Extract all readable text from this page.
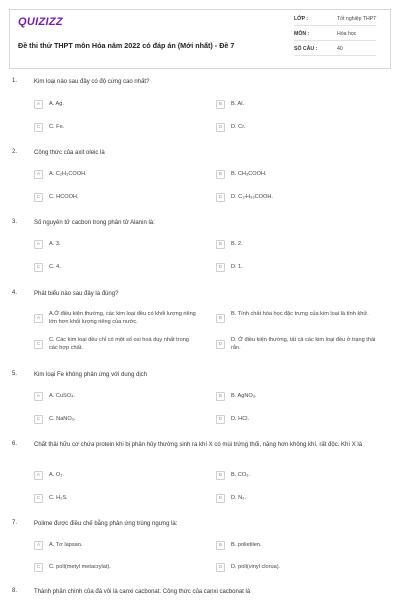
QUIZIZZ
Đề thi thử THPT môn Hóa năm 2022 có đáp án (Mới nhất) - Đề 7
LỚP :	Tốt nghiệp THPT
MÔN :	Hóa học
SỐ CÂU :	40
1.	Kim loại nào sau đây có độ cứng cao nhất?
A	A. Ag.	B	B. Al.
C	C. Fe.	D	D. Cr.
2.	Công thức của axit oleic là
A	A. C₂H₃COOH.	B	B. CH₃COOH.
C	C. HCOOH.	D	D. C₁₇H₃₃COOH.
3.	Số nguyên tử cacbon trong phân tử Alanin là:
A	A. 3.	B	B. 2.
C	C. 4.	D	D. 1.
4.	Phát biểu nào sau đây là đúng?
A
A.Ở điều kiện thường, các kim loại đều có khối lượng riêng lớn hơn khối lượng riêng của nước.	B
B. Tính chất hóa học đặc trưng của kim loại là tính khử.
C
C. Các kim loại đều chỉ có một số oxi hoá duy nhất trong các hợp chất.	D
D. Ở điều kiện thường, tất cả các kim loại đều ở trạng thái rắn.
5.	Kim loại Fe không phản ứng với dung dịch
A	A. CuSO₄.	B	B. AgNO₃.
C	C. NaNO₃.	D	D. HCl.
6.	Chất thải hữu cơ chứa protein khi bị phân hủy thường sinh ra khí X có mùi trứng thối, nặng hơn không khí, rất độc. Khí X là
A	A. O₂.	B	B. CO₂.
C	C. H₂S.	D	D. N₂.
7.	Polime được điều chế bằng phản ứng trùng ngưng là:
A	A. Tơ lapsan.	B	B. polietilen.
C	C. poli(metyl metacrylat).	D	D. poli(vinyl clorua).
8.	Thành phần chính của đá vôi là canxi cacbonat. Công thức của canxi cacbonat là
